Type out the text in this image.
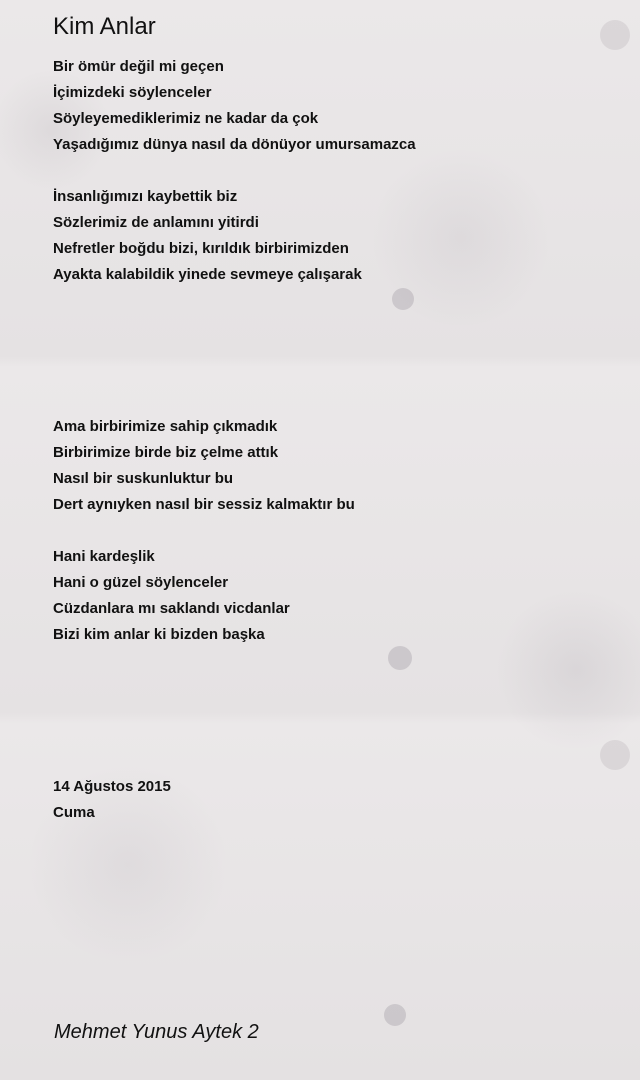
Kim Anlar
Bir ömür değil mi geçen
İçimizdeki söylenceler
Söyleyemediklerimiz ne kadar da çok
Yaşadığımız dünya nasıl da dönüyor umursamazca
İnsanlığımızı kaybettik biz
Sözlerimiz de anlamını yitirdi
Nefretler boğdu bizi, kırıldık birbirimizden
Ayakta kalabildik yinede sevmeye çalışarak
Ama birbirimize sahip çıkmadık
Birbirimize birde biz çelme attık
Nasıl bir suskunluktur bu
Dert aynıyken nasıl bir sessiz kalmaktır bu
Hani kardeşlik
Hani o güzel söylenceler
Cüzdanlara mı saklandı vicdanlar
Bizi kim anlar ki bizden başka
14 Ağustos 2015
Cuma
Mehmet Yunus Aytek 2
